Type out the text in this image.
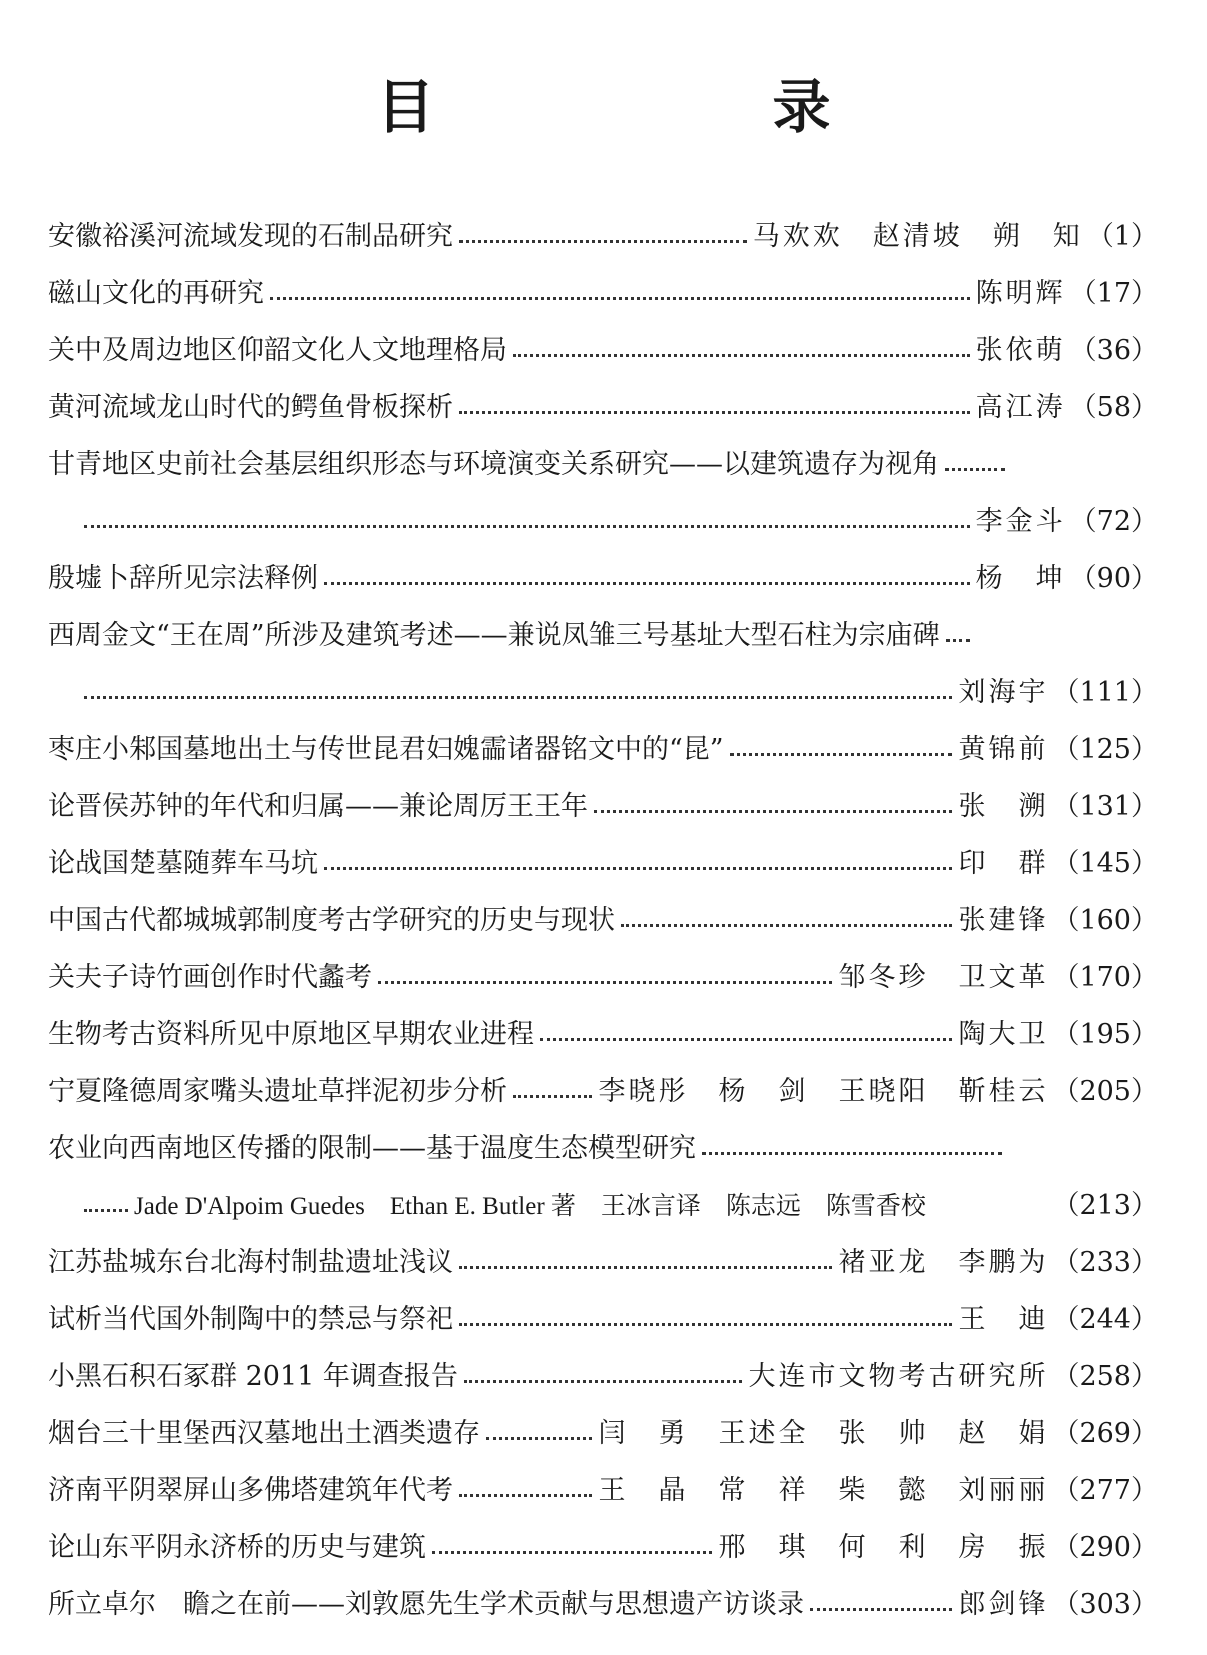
目　录
安徽裕溪河流域发现的石制品研究	马欢欢　赵清坡　朔　知 （1）
磁山文化的再研究	陈明辉 （17）
关中及周边地区仰韶文化人文地理格局	张依萌 （36）
黄河流域龙山时代的鳄鱼骨板探析	高江涛 （58）
甘青地区史前社会基层组织形态与环境演变关系研究——以建筑遗存为视角
李金斗 （72）
殷墟卜辞所见宗法释例	杨　坤 （90）
西周金文“王在周”所涉及建筑考述——兼说凤雏三号基址大型石柱为宗庙碑
刘海宇 （111）
枣庄小邾国墓地出土与传世昆君妇媿霝诸器铭文中的“昆”	黄锦前 （125）
论晋侯苏钟的年代和归属——兼论周厉王王年	张　溯 （131）
论战国楚墓随葬车马坑	印　群 （145）
中国古代都城城郭制度考古学研究的历史与现状	张建锋 （160）
关夫子诗竹画创作时代蠡考	邹冬珍　卫文革 （170）
生物考古资料所见中原地区早期农业进程	陶大卫 （195）
宁夏隆德周家嘴头遗址草拌泥初步分析	李晓彤　杨　剑　王晓阳　靳桂云 （205）
农业向西南地区传播的限制——基于温度生态模型研究
Jade D'Alpoim Guedes　Ethan E. Butler 著　王冰言译　陈志远　陈雪香校	（213）
江苏盐城东台北海村制盐遗址浅议	褚亚龙　李鹏为 （233）
试析当代国外制陶中的禁忌与祭祀	王　迪 （244）
小黑石积石冢群 2011 年调查报告	大连市文物考古研究所 （258）
烟台三十里堡西汉墓地出土酒类遗存	闫　勇　王述全　张　帅　赵　娟 （269）
济南平阴翠屏山多佛塔建筑年代考	王　晶　常　祥　柴　懿　刘丽丽 （277）
论山东平阴永济桥的历史与建筑	邢　琪　何　利　房　振 （290）
所立卓尔　瞻之在前——刘敦愿先生学术贡献与思想遗产访谈录	郎剑锋 （303）
